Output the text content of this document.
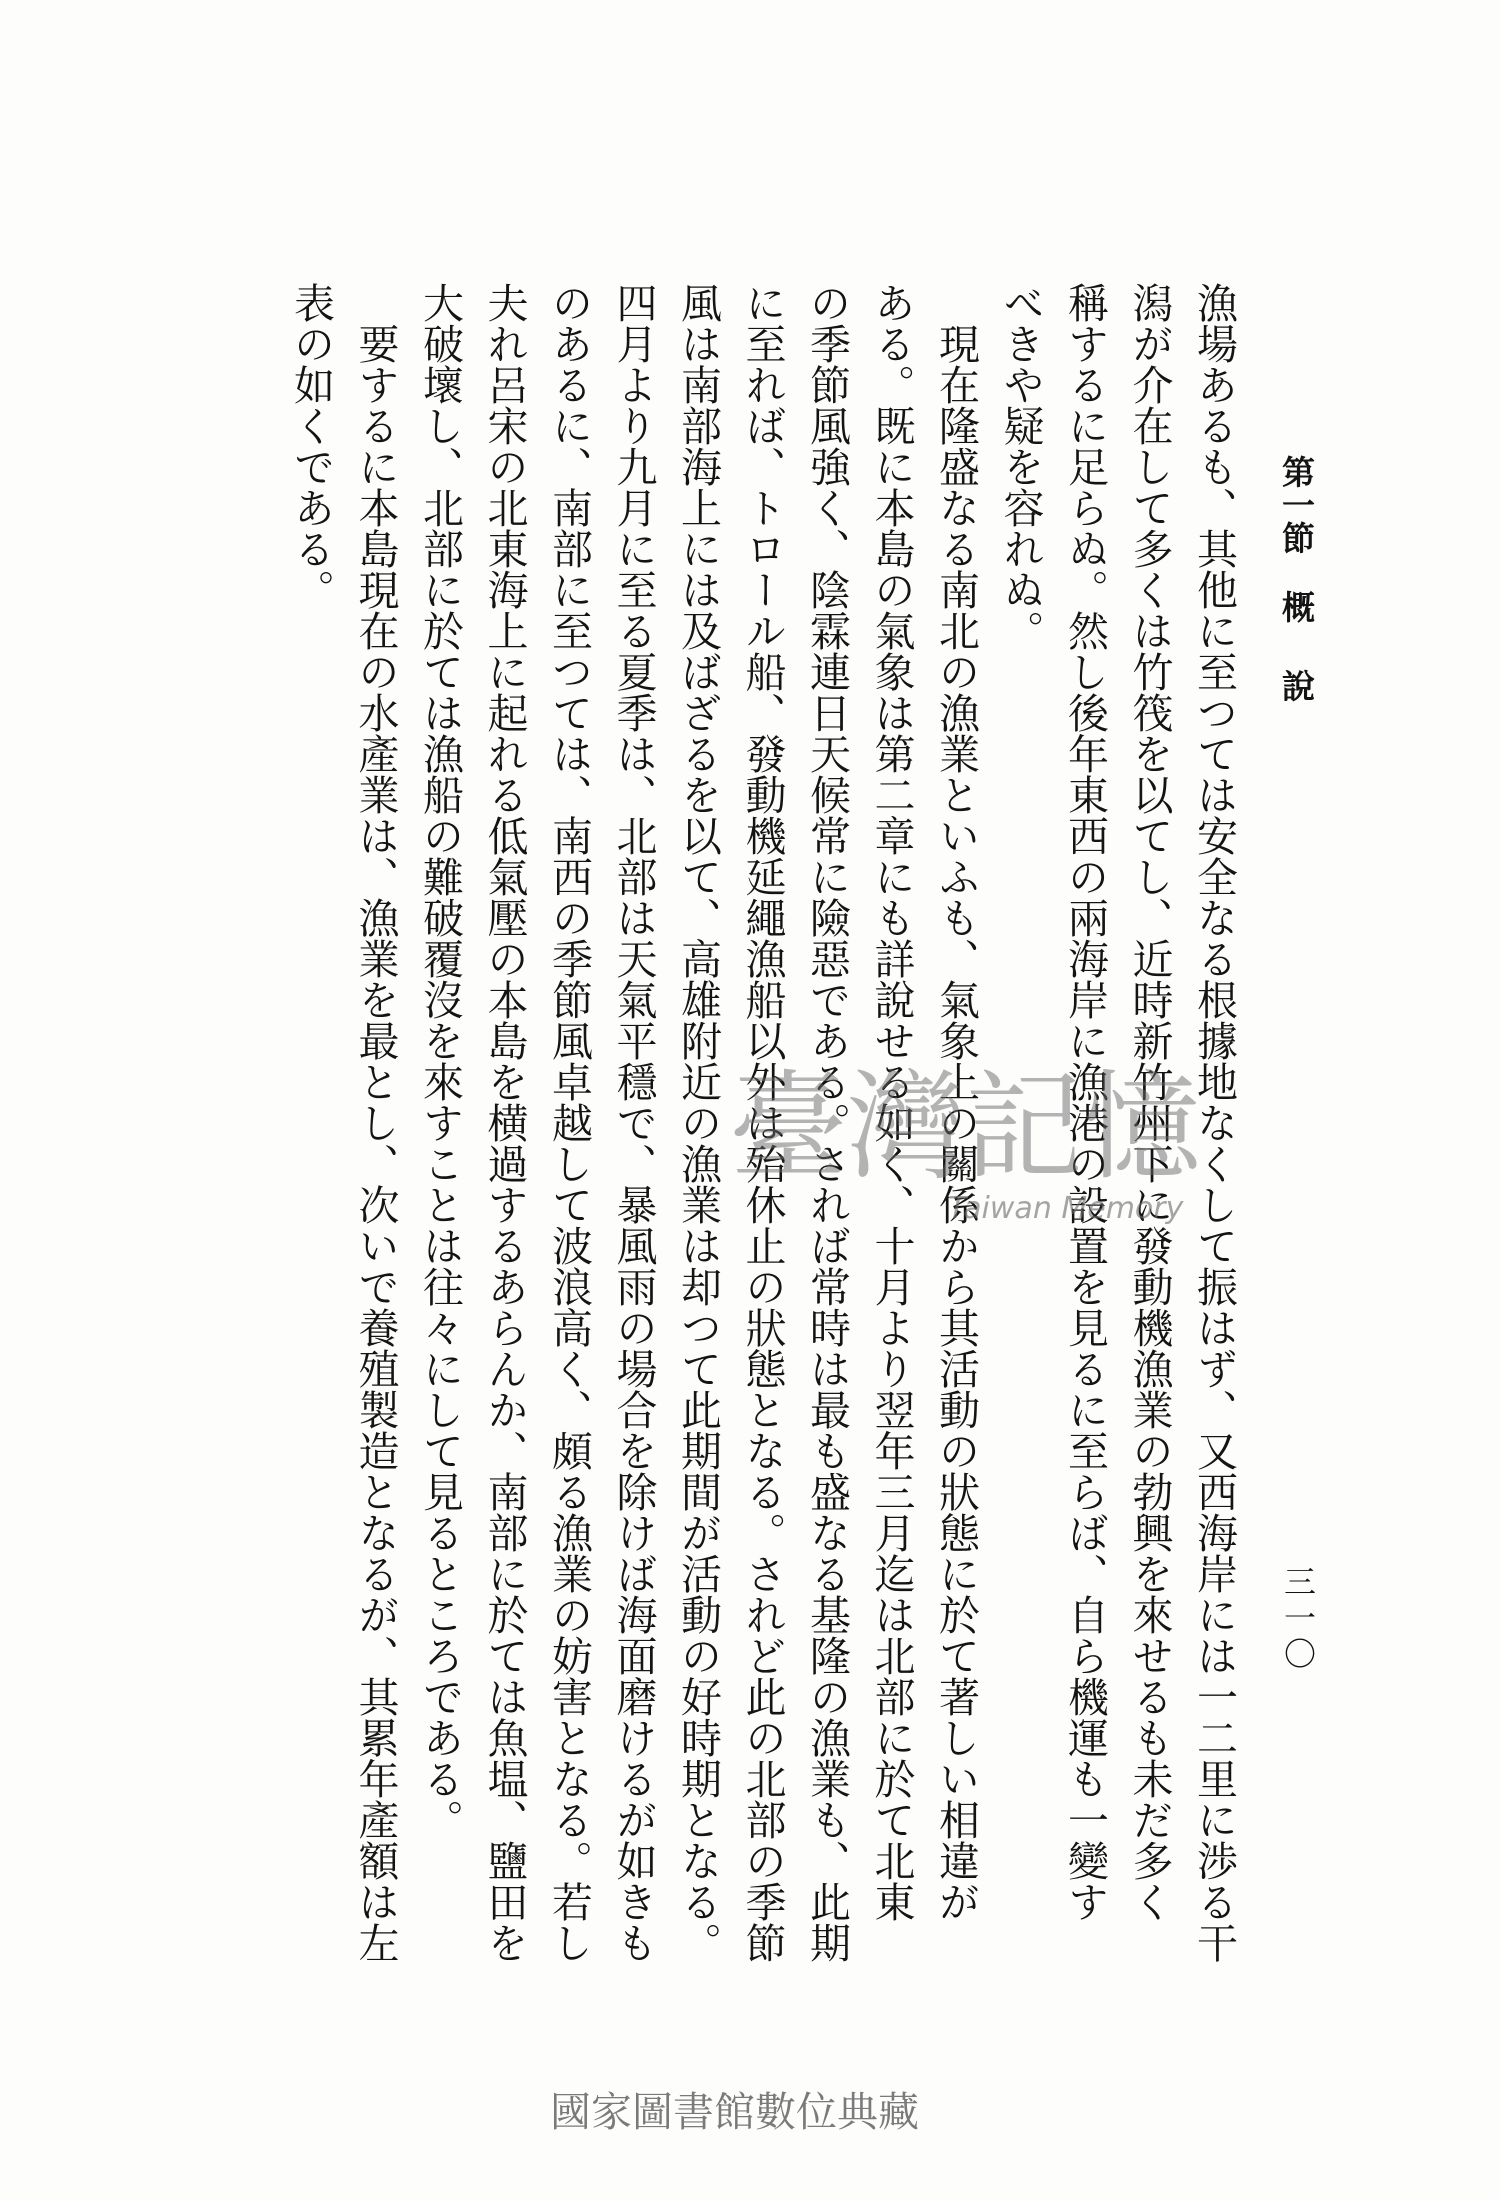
第一節
概說
三一〇
漁場あるも、其他に至つては安全なる根據地なくして振はず、又西海岸には一二里に渉る干
潟が介在して多くは竹筏を以てし、近時新竹州下に發動機漁業の勃興を來せるも未だ多く
稱するに足らぬ。然し後年東西の兩海岸に漁港の設置を見るに至らば、自ら機運も一變す
べきや疑を容れぬ。
現在隆盛なる南北の漁業といふも、氣象上の關係から其活動の狀態に於て著しい相違が
ある。既に本島の氣象は第二章にも詳說せる如く、十月より翌年三月迄は北部に於て北東
の季節風強く、陰霖連日天候常に險惡である。されば常時は最も盛なる基隆の漁業も、此期
に至れば、トロール船、發動機延繩漁船以外は殆休止の狀態となる。されど此の北部の季節
風は南部海上には及ばざるを以て、高雄附近の漁業は却つて此期間が活動の好時期となる。
四月より九月に至る夏季は、北部は天氣平穩で、暴風雨の場合を除けば海面磨けるが如きも
のあるに、南部に至つては、南西の季節風卓越して波浪高く、頗る漁業の妨害となる。若し
夫れ呂宋の北東海上に起れる低氣壓の本島を横過するあらんか、南部に於ては魚塭、鹽田を
大破壞し、北部に於ては漁船の難破覆沒を來すことは往々にして見るところである。
要するに本島現在の水產業は、漁業を最とし、次いで養殖製造となるが、其累年產額は左
表の如くである。
臺灣記憶
Taiwan Memory
國家圖書館數位典藏
